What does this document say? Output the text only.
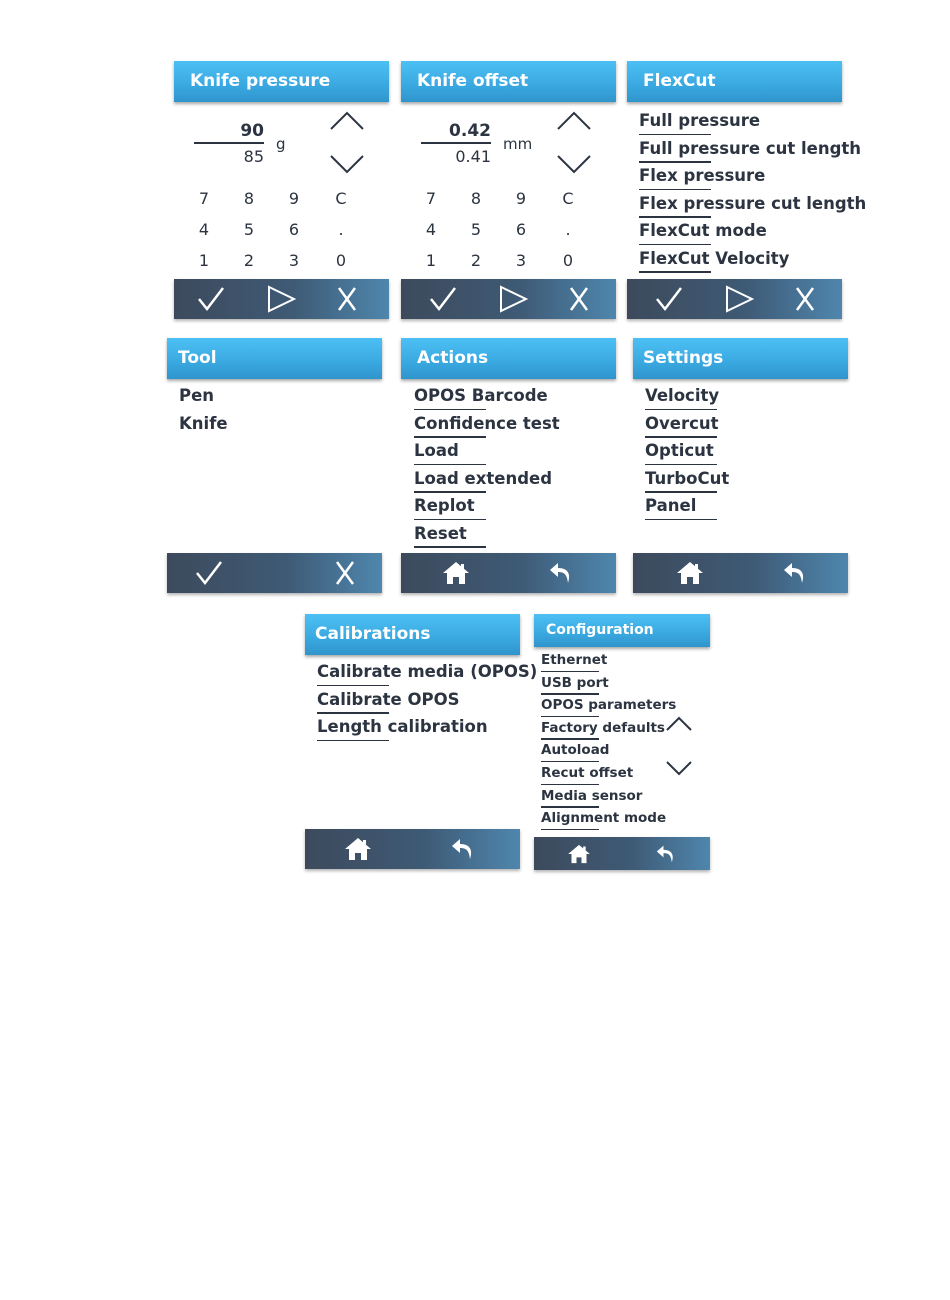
Knife pressure
90
85
g
7	8	9	C
4	5	6	.
1	2	3	0
Knife offset
0.42
0.41
mm
7	8	9	C
4	5	6	.
1	2	3	0
FlexCut
Full pressure
Full pressure cut length
Flex pressure
Flex pressure cut length
FlexCut mode
FlexCut Velocity
Tool
Pen
Knife
Actions
OPOS Barcode
Confidence test
Load
Load extended
Replot
Reset
Settings
Velocity
Overcut
Opticut
TurboCut
Panel
Calibrations
Calibrate media (OPOS)
Calibrate OPOS
Length calibration
Configuration
Ethernet
USB port
OPOS parameters
Factory defaults
Autoload
Recut offset
Media sensor
Alignment mode
